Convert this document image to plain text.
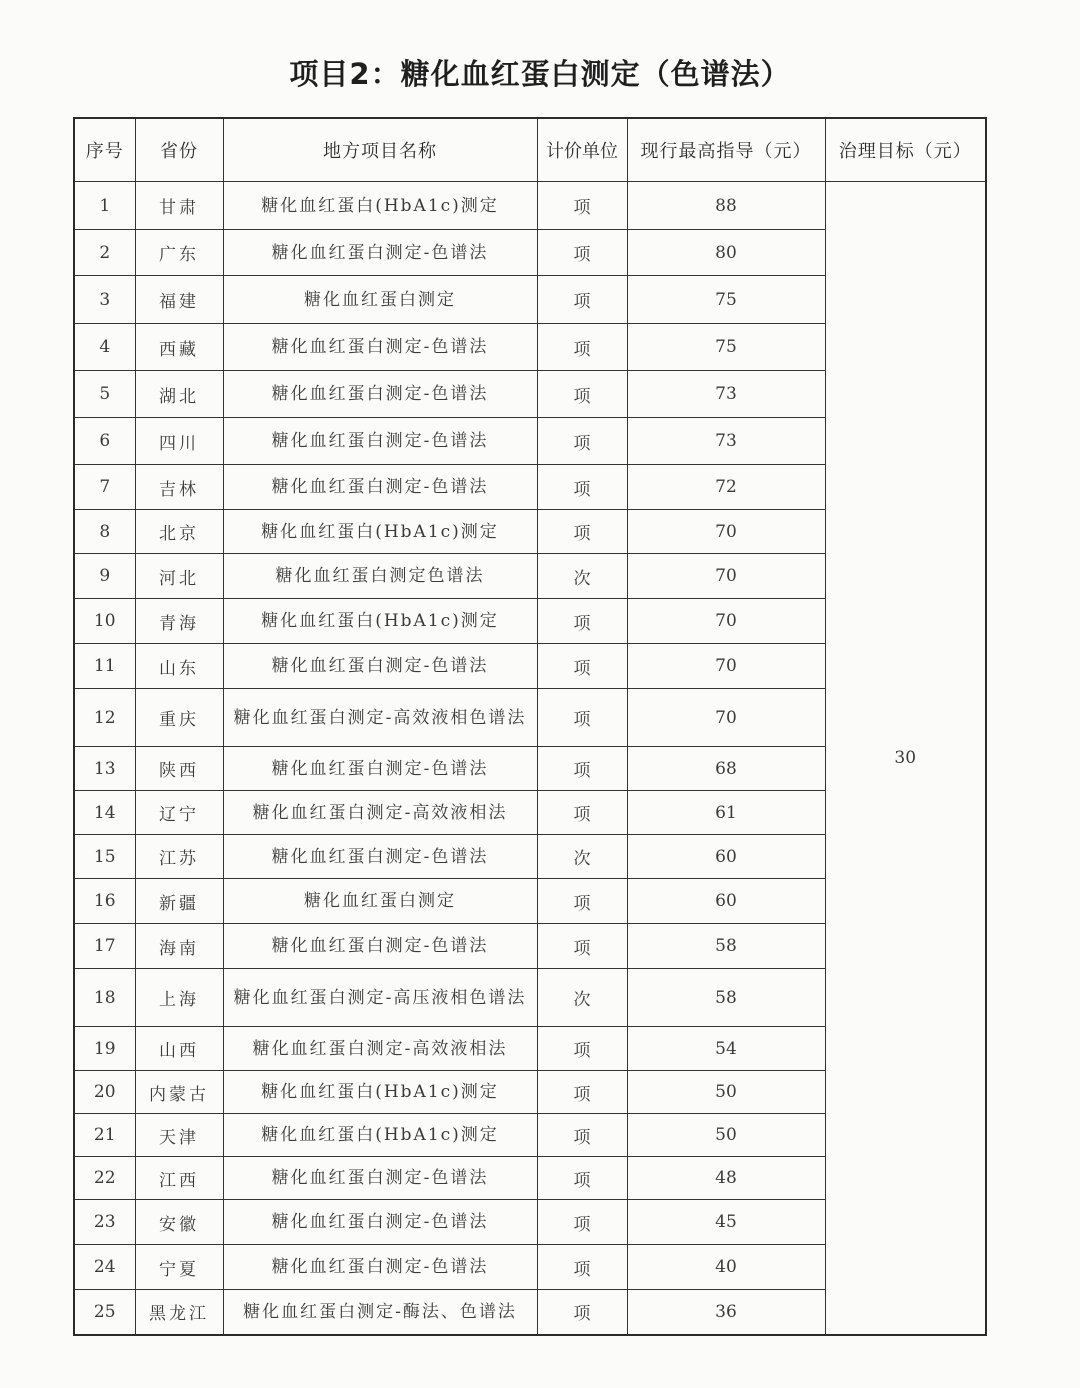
项目2：糖化血红蛋白测定（色谱法）
序号	省份	地方项目名称	计价单位	现行最高指导（元）	治理目标（元）
1	甘肃	糖化血红蛋白(HbA1c)测定	项	88	30
2	广东	糖化血红蛋白测定-色谱法	项	80	
3	福建	糖化血红蛋白测定	项	75	
4	西藏	糖化血红蛋白测定-色谱法	项	75	
5	湖北	糖化血红蛋白测定-色谱法	项	73	
6	四川	糖化血红蛋白测定-色谱法	项	73	
7	吉林	糖化血红蛋白测定-色谱法	项	72	
8	北京	糖化血红蛋白(HbA1c)测定	项	70	
9	河北	糖化血红蛋白测定色谱法	次	70	
10	青海	糖化血红蛋白(HbA1c)测定	项	70	
11	山东	糖化血红蛋白测定-色谱法	项	70	
12	重庆	糖化血红蛋白测定-高效液相色谱法	项	70	
13	陕西	糖化血红蛋白测定-色谱法	项	68	
14	辽宁	糖化血红蛋白测定-高效液相法	项	61	
15	江苏	糖化血红蛋白测定-色谱法	次	60	
16	新疆	糖化血红蛋白测定	项	60	
17	海南	糖化血红蛋白测定-色谱法	项	58	
18	上海	糖化血红蛋白测定-高压液相色谱法	次	58	
19	山西	糖化血红蛋白测定-高效液相法	项	54	
20	内蒙古	糖化血红蛋白(HbA1c)测定	项	50	
21	天津	糖化血红蛋白(HbA1c)测定	项	50	
22	江西	糖化血红蛋白测定-色谱法	项	48	
23	安徽	糖化血红蛋白测定-色谱法	项	45	
24	宁夏	糖化血红蛋白测定-色谱法	项	40	
25	黑龙江	糖化血红蛋白测定-酶法、色谱法	项	36	
